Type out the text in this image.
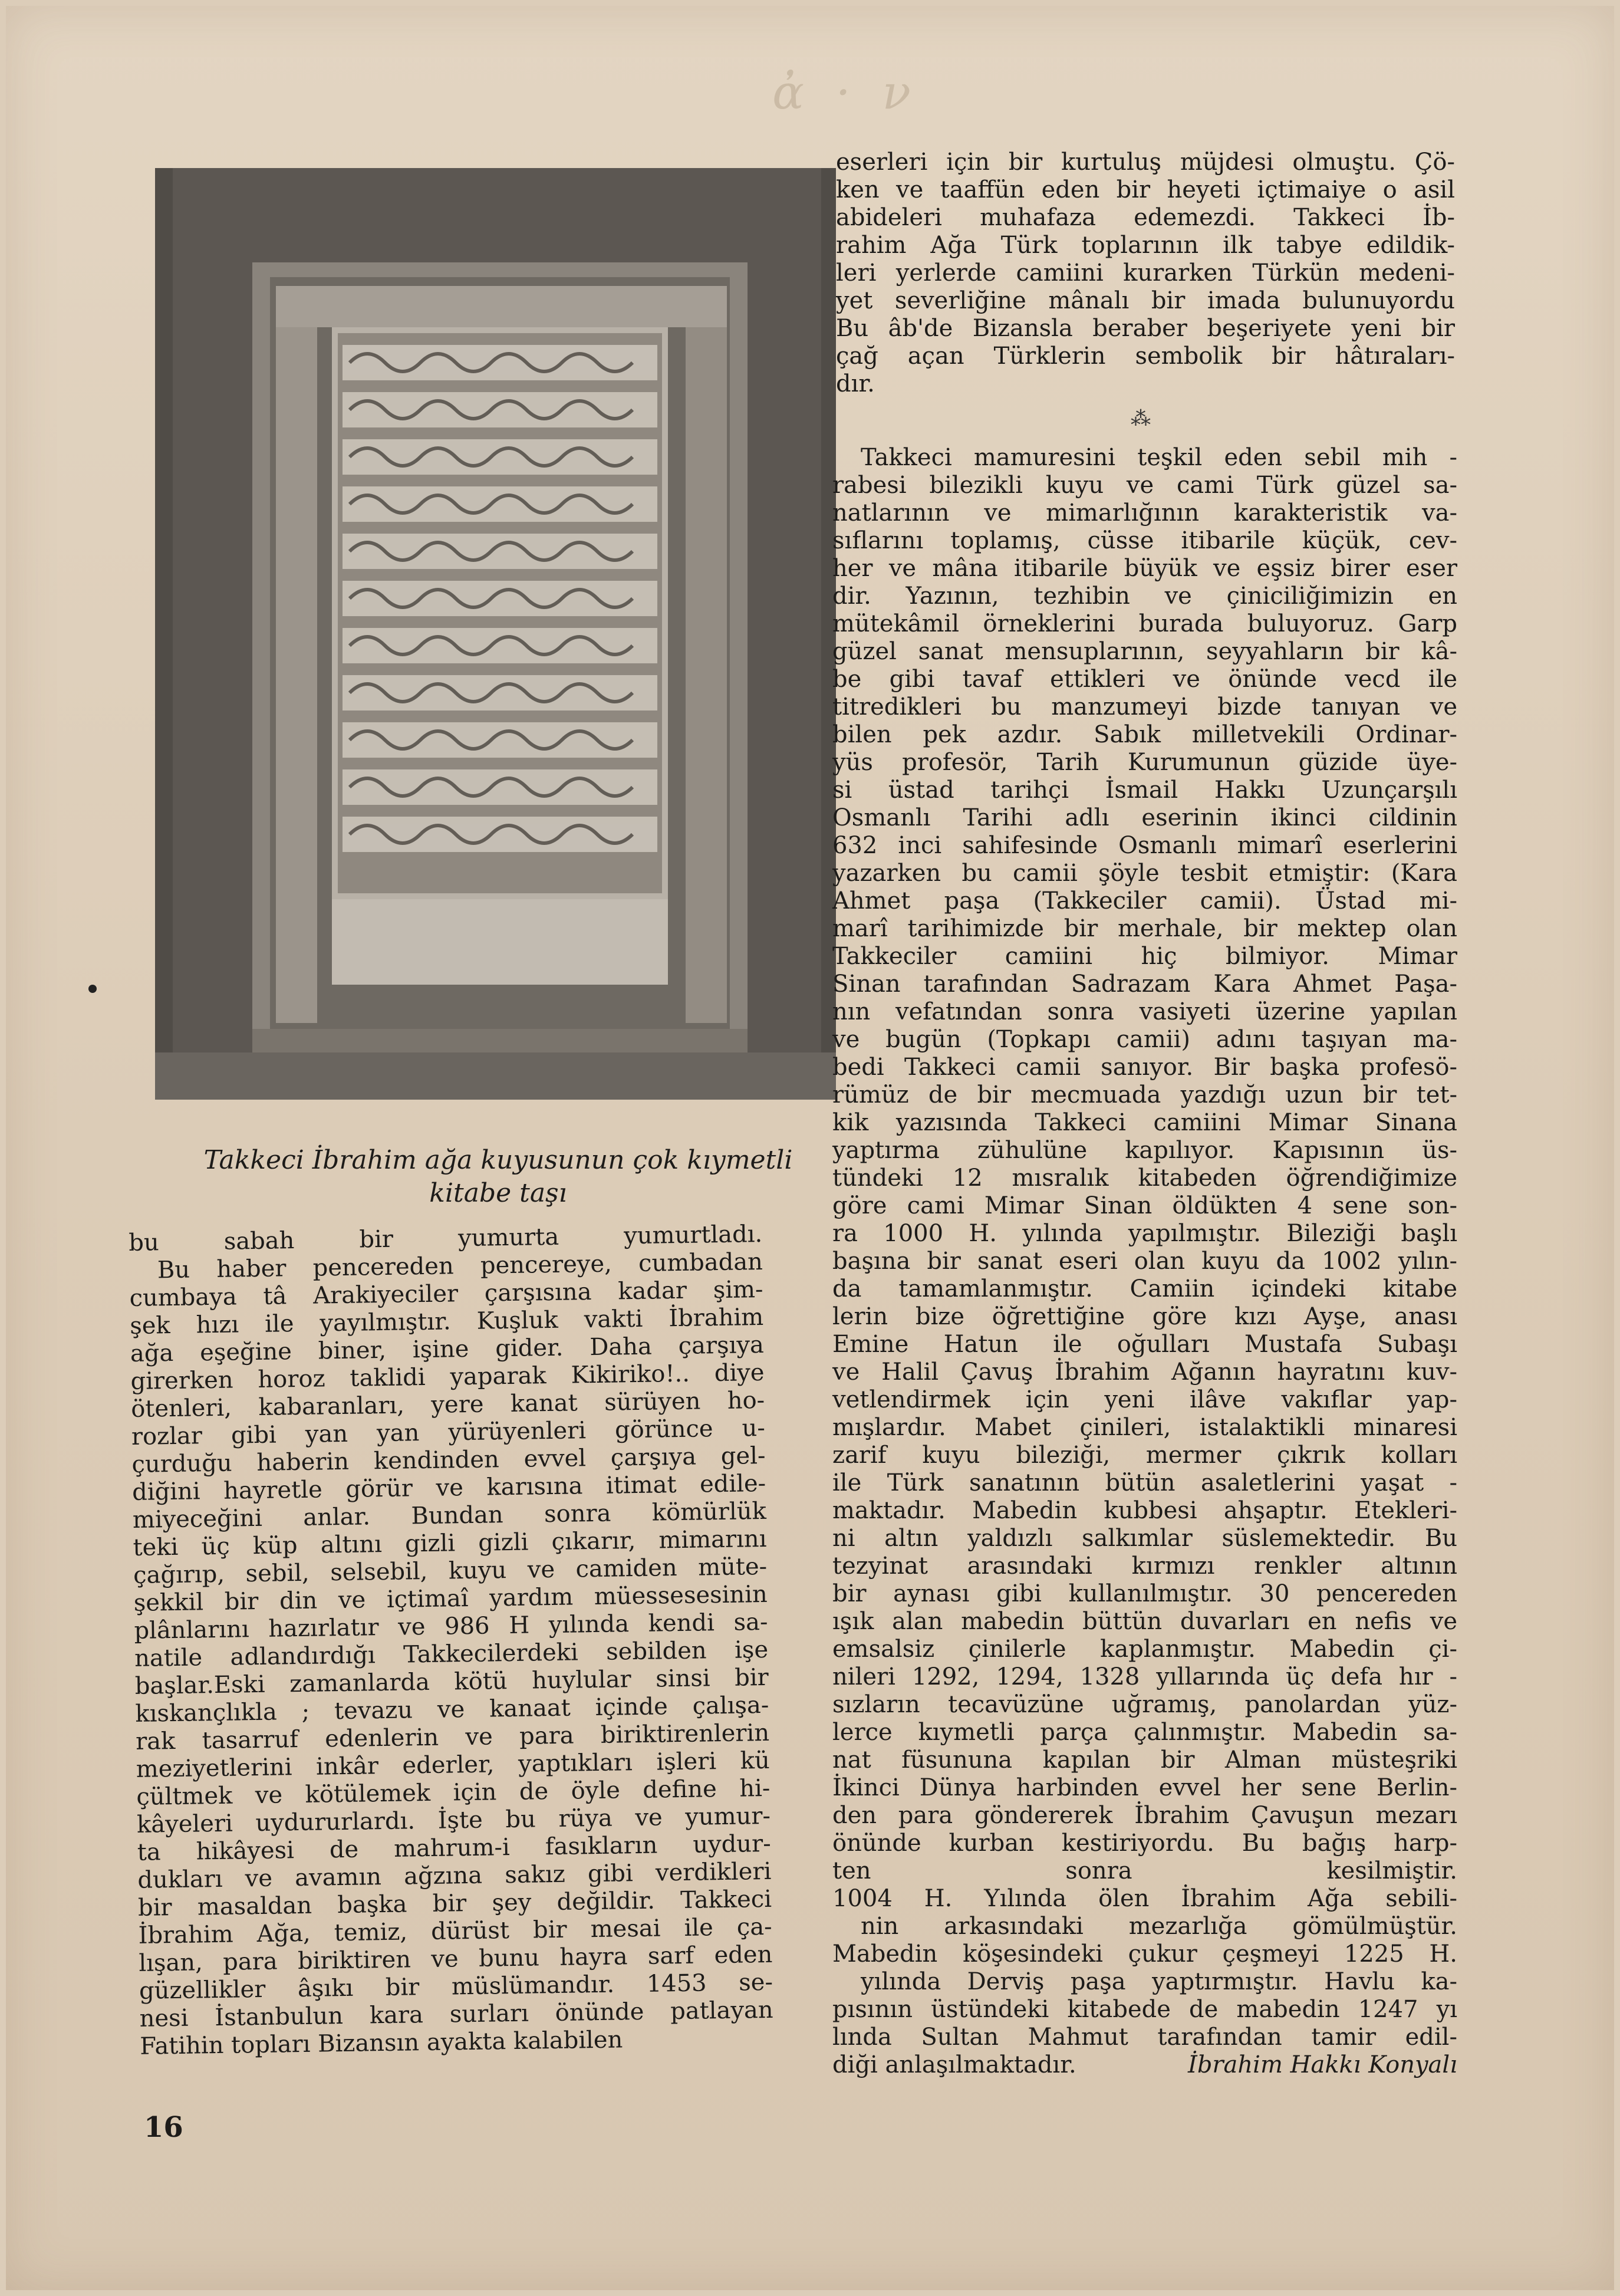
ἀ · ν
Takkeci İbrahim ağa kuyusunun çok kıymetli
kitabe taşı
eserleri için bir kurtuluş müjdesi olmuştu. Çö-
ken ve taaffün eden bir heyeti içtimaiye o asil
abideleri muhafaza edemezdi. Takkeci İb-
rahim Ağa Türk toplarının ilk tabye edildik-
leri yerlerde camiini kurarken Türkün medeni-
yet severliğine mânalı bir imada bulunuyordu
Bu âb'de Bizansla beraber beşeriyete yeni bir
çağ açan Türklerin sembolik bir hâtıraları-
dır.
⁂
Takkeci mamuresini teşkil eden sebil mih -
rabesi bilezikli kuyu ve cami Türk güzel sa-
natlarının ve mimarlığının karakteristik va-
sıflarını toplamış, cüsse itibarile küçük, cev-
her ve mâna itibarile büyük ve eşsiz birer eser
dir. Yazının, tezhibin ve çiniciliğimizin en
mütekâmil örneklerini burada buluyoruz. Garp
güzel sanat mensuplarının, seyyahların bir kâ-
be gibi tavaf ettikleri ve önünde vecd ile
titredikleri bu manzumeyi bizde tanıyan ve
bilen pek azdır. Sabık milletvekili Ordinar-
yüs profesör, Tarih Kurumunun güzide üye-
si üstad tarihçi İsmail Hakkı Uzunçarşılı
Osmanlı Tarihi adlı eserinin ikinci cildinin
632 inci sahifesinde Osmanlı mimarî eserlerini
yazarken bu camii şöyle tesbit etmiştir: (Kara
Ahmet paşa (Takkeciler camii). Üstad mi-
marî tarihimizde bir merhale, bir mektep olan
Takkeciler camiini hiç bilmiyor. Mimar
Sinan tarafından Sadrazam Kara Ahmet Paşa-
nın vefatından sonra vasiyeti üzerine yapılan
ve bugün (Topkapı camii) adını taşıyan ma-
bedi Takkeci camii sanıyor. Bir başka profesö-
rümüz de bir mecmuada yazdığı uzun bir tet-
kik yazısında Takkeci camiini Mimar Sinana
yaptırma zühulüne kapılıyor. Kapısının üs-
tündeki 12 mısralık kitabeden öğrendiğimize
göre cami Mimar Sinan öldükten 4 sene son-
ra 1000 H. yılında yapılmıştır. Bileziği başlı
başına bir sanat eseri olan kuyu da 1002 yılın-
da tamamlanmıştır. Camiin içindeki kitabe
lerin bize öğrettiğine göre kızı Ayşe, anası
Emine Hatun ile oğulları Mustafa Subaşı
ve Halil Çavuş İbrahim Ağanın hayratını kuv-
vetlendirmek için yeni ilâve vakıflar yap-
mışlardır. Mabet çinileri, istalaktikli minaresi
zarif kuyu bileziği, mermer çıkrık kolları
ile Türk sanatının bütün asaletlerini yaşat -
maktadır. Mabedin kubbesi ahşaptır. Etekleri-
ni altın yaldızlı salkımlar süslemektedir. Bu
tezyinat arasındaki kırmızı renkler altının
bir aynası gibi kullanılmıştır. 30 pencereden
ışık alan mabedin büttün duvarları en nefis ve
emsalsiz çinilerle kaplanmıştır. Mabedin çi-
nileri 1292, 1294, 1328 yıllarında üç defa hır -
sızların tecavüzüne uğramış, panolardan yüz-
lerce kıymetli parça çalınmıştır. Mabedin sa-
nat füsununa kapılan bir Alman müsteşriki
İkinci Dünya harbinden evvel her sene Berlin-
den para göndererek İbrahim Çavuşun mezarı
önünde kurban kestiriyordu. Bu bağış harp-
ten sonra kesilmiştir.
1004 H. Yılında ölen İbrahim Ağa sebili-
nin arkasındaki mezarlığa gömülmüştür.
Mabedin köşesindeki çukur çeşmeyi 1225 H.
yılında Derviş paşa yaptırmıştır. Havlu ka-
pısının üstündeki kitabede de mabedin 1247 yı
lında Sultan Mahmut tarafından tamir edil-
diği anlaşılmaktadır.	İbrahim Hakkı Konyalı
bu sabah bir yumurta yumurtladı.
Bu haber pencereden pencereye, cumbadan
cumbaya tâ Arakiyeciler çarşısına kadar şim-
şek hızı ile yayılmıştır. Kuşluk vakti İbrahim
ağa eşeğine biner, işine gider. Daha çarşıya
girerken horoz taklidi yaparak Kikiriko!.. diye
ötenleri, kabaranları, yere kanat sürüyen ho-
rozlar gibi yan yan yürüyenleri görünce u-
çurduğu haberin kendinden evvel çarşıya gel-
diğini hayretle görür ve karısına itimat edile-
miyeceğini anlar. Bundan sonra kömürlük
teki üç küp altını gizli gizli çıkarır, mimarını
çağırıp, sebil, selsebil, kuyu ve camiden müte-
şekkil bir din ve içtimaî yardım müessesesinin
plânlarını hazırlatır ve 986 H yılında kendi sa-
natile adlandırdığı Takkecilerdeki sebilden işe
başlar.Eski zamanlarda kötü huylular sinsi bir
kıskançlıkla ; tevazu ve kanaat içinde çalışa-
rak tasarruf edenlerin ve para biriktirenlerin
meziyetlerini inkâr ederler, yaptıkları işleri kü
çültmek ve kötülemek için de öyle define hi-
kâyeleri uydururlardı. İşte bu rüya ve yumur-
ta hikâyesi de mahrum-i fasıkların uydur-
dukları ve avamın ağzına sakız gibi verdikleri
bir masaldan başka bir şey değildir. Takkeci
İbrahim Ağa, temiz, dürüst bir mesai ile ça-
lışan, para biriktiren ve bunu hayra sarf eden
güzellikler âşıkı bir müslümandır. 1453 se-
nesi İstanbulun kara surları önünde patlayan
Fatihin topları Bizansın ayakta kalabilen
16
